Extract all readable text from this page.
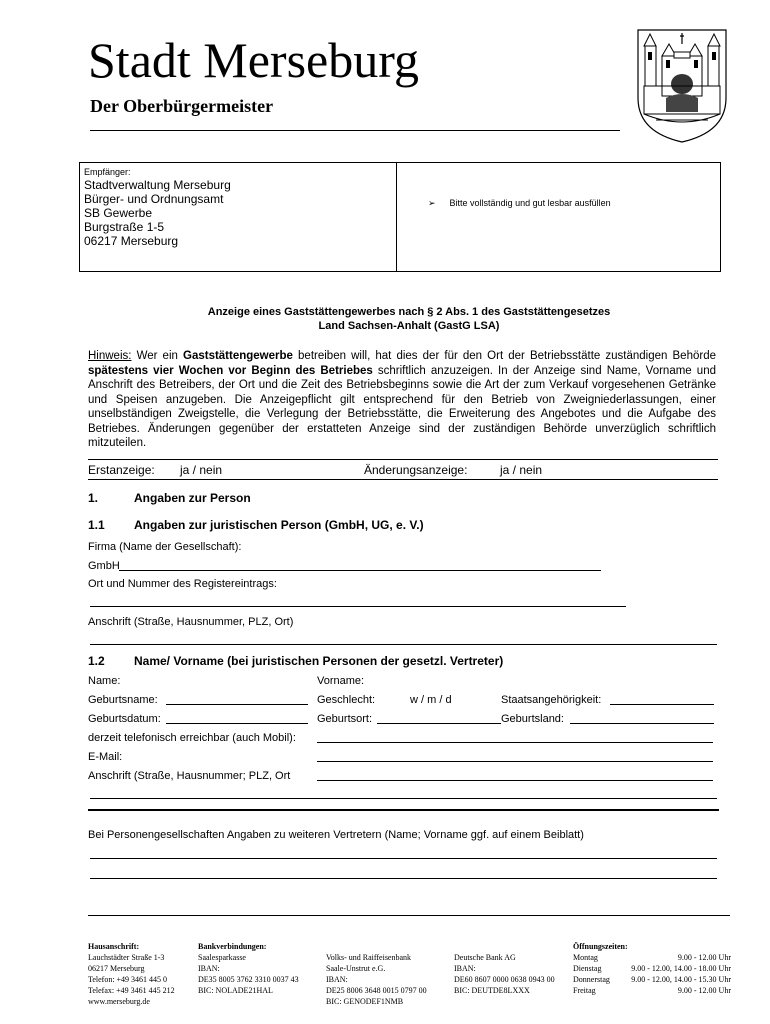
Stadt Merseburg
Der Oberbürgermeister
Empfänger:
Stadtverwaltung Merseburg
Bürger- und Ordnungsamt
SB Gewerbe
Burgstraße 1-5
06217 Merseburg
➢ Bitte vollständig und gut lesbar ausfüllen
Anzeige eines Gaststättengewerbes nach § 2 Abs. 1 des Gaststättengesetzes
Land Sachsen-Anhalt (GastG LSA)
Hinweis: Wer ein Gaststättengewerbe betreiben will, hat dies der für den Ort der Betriebsstätte zuständigen Behörde spätestens vier Wochen vor Beginn des Betriebes schriftlich anzuzeigen. In der Anzeige sind Name, Vorname und Anschrift des Betreibers, der Ort und die Zeit des Betriebsbeginns sowie die Art der zum Verkauf vorgesehenen Getränke und Speisen anzugeben. Die Anzeigepflicht gilt entsprechend für den Betrieb von Zweigniederlassungen, einer unselbständigen Zweigstelle, die Verlegung der Betriebsstätte, die Erweiterung des Angebotes und die Aufgabe des Betriebes. Änderungen gegenüber der erstatteten Anzeige sind der zuständigen Behörde unverzüglich schriftlich mitzuteilen.
Erstanzeige: ja / nein	Änderungsanzeige:	ja / nein
1.	Angaben zur Person
1.1 Angaben zur juristischen Person (GmbH, UG, e. V.)
Firma (Name der Gesellschaft):
GmbH
Ort und Nummer des Registereintrags:
Anschrift (Straße, Hausnummer, PLZ, Ort)
1.2 Name/ Vorname (bei juristischen Personen der gesetzl. Vertreter)
Name:	Vorname:
Geburtsname:	Geschlecht:	w / m / d	Staatsangehörigkeit:
Geburtsdatum:	Geburtsort:	Geburtsland:
derzeit telefonisch erreichbar (auch Mobil):
E-Mail:
Anschrift (Straße, Hausnummer; PLZ, Ort
Bei Personengesellschaften Angaben zu weiteren Vertretern (Name; Vorname ggf. auf einem Beiblatt)
Hausanschrift:
Lauchstädter Straße 1-3
06217 Merseburg
Telefon: +49 3461 445 0
Telefax: +49 3461 445 212
www.merseburg.de
Bankverbindungen:
Saalesparkasse
IBAN:
DE35 8005 3762 3310 0037 43
BIC: NOLADE21HAL
Volks- und Raiffeisenbank
Saale-Unstrut e.G.
IBAN:
DE25 8006 3648 0015 0797 00
BIC: GENODEF1NMB
Deutsche Bank AG
IBAN:
DE60 8607 0000 0638 0943 00
BIC: DEUTDE8LXXX
Öffnungszeiten:
Montag	9.00 - 12.00 Uhr
Dienstag	9.00 - 12.00, 14.00 - 18.00 Uhr
Donnerstag	9.00 - 12.00, 14.00 - 15.30 Uhr
Freitag	9.00 - 12.00 Uhr
